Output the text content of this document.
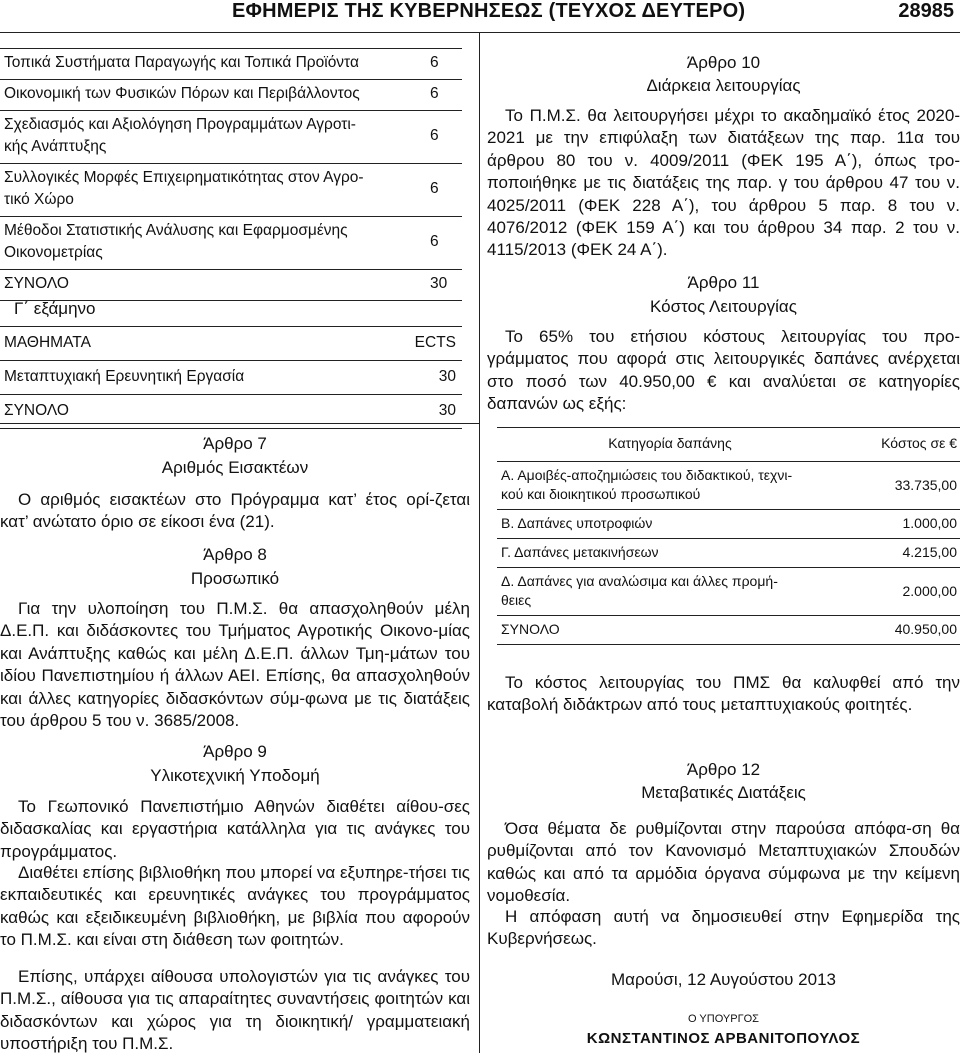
ΕΦΗΜΕΡΙΣ ΤΗΣ ΚΥΒΕΡΝΗΣΕΩΣ (ΤΕΥΧΟΣ ΔΕΥΤΕΡΟ)	28985
Τοπικά Συστήματα Παραγωγής και Τοπικά Προϊόντα	6
Οικονομική των Φυσικών Πόρων και Περιβάλλοντος	6
Σχεδιασμός και Αξιολόγηση Προγραμμάτων Αγροτι-
κής Ανάπτυξης	6
Συλλογικές Μορφές Επιχειρηματικότητας στον Αγρο-
τικό Χώρο	6
Μέθοδοι Στατιστικής Ανάλυσης και Εφαρμοσμένης
Οικονομετρίας	6
ΣΥΝΟΛΟ	30
Γ΄ εξάμηνο
ΜΑΘΗΜΑΤΑ	ECTS
Μεταπτυχιακή Ερευνητική Εργασία	30
ΣΥΝΟΛΟ	30
Άρθρο 7
Αριθμός Εισακτέων
Ο αριθμός εισακτέων στο Πρόγραμμα κατ’ έτος ορί-ζεται κατ’ ανώτατο όριο σε είκοσι ένα (21).
Άρθρο 8
Προσωπικό
Για την υλοποίηση του Π.Μ.Σ. θα απασχοληθούν μέλη Δ.Ε.Π. και διδάσκοντες του Τμήματος Αγροτικής Οικονο-μίας και Ανάπτυξης καθώς και μέλη Δ.Ε.Π. άλλων Τμη-μάτων του ιδίου Πανεπιστημίου ή άλλων ΑΕΙ. Επίσης, θα απασχοληθούν και άλλες κατηγορίες διδασκόντων σύμ-φωνα με τις διατάξεις του άρθρου 5 του ν. 3685/2008.
Άρθρο 9
Υλικοτεχνική Υποδομή
Το Γεωπονικό Πανεπιστήμιο Αθηνών διαθέτει αίθου-σες διδασκαλίας και εργαστήρια κατάλληλα για τις ανάγκες του προγράμματος.
Διαθέτει επίσης βιβλιοθήκη που μπορεί να εξυπηρε-τήσει τις εκπαιδευτικές και ερευνητικές ανάγκες του προγράμματος καθώς και εξειδικευμένη βιβλιοθήκη, με βιβλία που αφορούν το Π.Μ.Σ. και είναι στη διάθεση των φοιτητών.
Επίσης, υπάρχει αίθουσα υπολογιστών για τις ανάγκες του Π.Μ.Σ., αίθουσα για τις απαραίτητες συναντήσεις φοιτητών και διδασκόντων και χώρος για τη διοικητική/ γραμματειακή υποστήριξη του Π.Μ.Σ.
Άρθρο 10
Διάρκεια λειτουργίας
Το Π.Μ.Σ. θα λειτουργήσει μέχρι το ακαδημαϊκό έτος 2020-2021 με την επιφύλαξη των διατάξεων της παρ. 11α του άρθρου 80 του ν. 4009/2011 (ΦΕΚ 195 Α΄), όπως τρο-ποποιήθηκε με τις διατάξεις της παρ. γ του άρθρου 47 του ν. 4025/2011 (ΦΕΚ 228 Α΄), του άρθρου 5 παρ. 8 του ν. 4076/2012 (ΦΕΚ 159 Α΄) και του άρθρου 34 παρ. 2 του ν. 4115/2013 (ΦΕΚ 24 Α΄).
Άρθρο 11
Κόστος Λειτουργίας
Το 65% του ετήσιου κόστους λειτουργίας του προ-γράμματος που αφορά στις λειτουργικές δαπάνες ανέρχεται στο ποσό των 40.950,00 € και αναλύεται σε κατηγορίες δαπανών ως εξής:
Κατηγορία δαπάνης	Κόστος σε €
Α. Αμοιβές-αποζημιώσεις του διδακτικού, τεχνι-
κού και διοικητικού προσωπικού	33.735,00
Β. Δαπάνες υποτροφιών	1.000,00
Γ. Δαπάνες μετακινήσεων	4.215,00
Δ. Δαπάνες για αναλώσιμα και άλλες προμή-
θειες	2.000,00
ΣΥΝΟΛΟ	40.950,00
Το κόστος λειτουργίας του ΠΜΣ θα καλυφθεί από την καταβολή διδάκτρων από τους μεταπτυχιακούς φοιτητές.
Άρθρο 12
Μεταβατικές Διατάξεις
Όσα θέματα δε ρυθμίζονται στην παρούσα απόφα-ση θα ρυθμίζονται από τον Κανονισμό Μεταπτυχιακών Σπουδών καθώς και από τα αρμόδια όργανα σύμφωνα με την κείμενη νομοθεσία.
Η απόφαση αυτή να δημοσιευθεί στην Εφημερίδα της Κυβερνήσεως.
Μαρούσι, 12 Αυγούστου 2013
Ο ΥΠΟΥΡΓΟΣ
ΚΩΝΣΤΑΝΤΙΝΟΣ ΑΡΒΑΝΙΤΟΠΟΥΛΟΣ
